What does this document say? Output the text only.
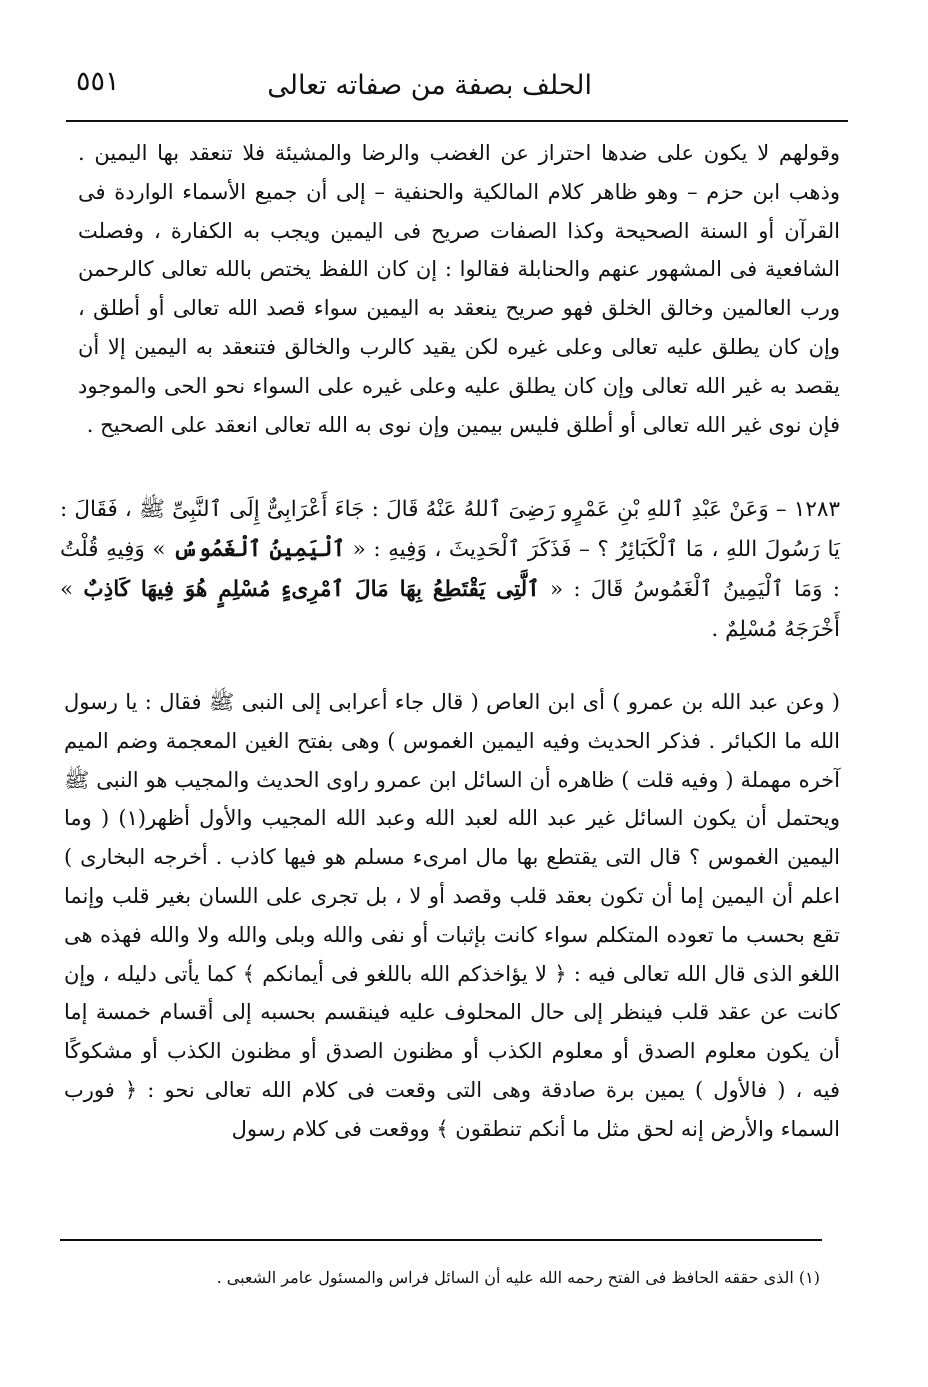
الحلف بصفة من صفاته تعالى
٥٥١
وقولهم لا يكون على ضدها احتراز عن الغضب والرضا والمشيئة فلا تنعقد بها اليمين . وذهب ابن حزم – وهو ظاهر كلام المالكية والحنفية – إلى أن جميع الأسماء الواردة فى القرآن أو السنة الصحيحة وكذا الصفات صريح فى اليمين ويجب به الكفارة ، وفصلت الشافعية فى المشهور عنهم والحنابلة فقالوا : إن كان اللفظ يختص بالله تعالى كالرحمن ورب العالمين وخالق الخلق فهو صريح ينعقد به اليمين سواء قصد الله تعالى أو أطلق ، وإن كان يطلق عليه تعالى وعلى غيره لكن يقيد كالرب والخالق فتنعقد به اليمين إلا أن يقصد به غير الله تعالى وإن كان يطلق عليه وعلى غيره على السواء نحو الحى والموجود فإن نوى غير الله تعالى أو أطلق فليس بيمين وإن نوى به الله تعالى انعقد على الصحيح .
١٢٨٣ – وَعَنْ عَبْدِ ٱللهِ بْنِ عَمْرٍو رَضِىَ ٱللهُ عَنْهُ قَالَ : جَاءَ أَعْرَابِىٌّ إِلَى ٱلنَّبِىِّ ﷺ ، فَقَالَ : يَا رَسُولَ اللهِ ، مَا ٱلْكَبَائِرُ ؟ – فَذَكَرَ ٱلْحَدِيثَ ، وَفِيهِ : « ٱلْيَمِينُ ٱلْغَمُوسُ » وَفِيهِ قُلْتُ : وَمَا ٱلْيَمِينُ ٱلْغَمُوسُ قَالَ : « ٱلَّتِى يَقْتَطِعُ بِهَا مَالَ ٱمْرِىءٍ مُسْلِمٍ هُوَ فِيهَا كَاذِبٌ » أَخْرَجَهُ مُسْلِمٌ .
( وعن عبد الله بن عمرو ) أى ابن العاص ( قال جاء أعرابى إلى النبى ﷺ فقال : يا رسول الله ما الكبائر . فذكر الحديث وفيه اليمين الغموس ) وهى بفتح الغين المعجمة وضم الميم آخره مهملة ( وفيه قلت ) ظاهره أن السائل ابن عمرو راوى الحديث والمجيب هو النبى ﷺ ويحتمل أن يكون السائل غير عبد الله لعبد الله وعبد الله المجيب والأول أظهر(١) ( وما اليمين الغموس ؟ قال التى يقتطع بها مال امرىء مسلم هو فيها كاذب . أخرجه البخارى ) اعلم أن اليمين إما أن تكون بعقد قلب وقصد أو لا ، بل تجرى على اللسان بغير قلب وإنما تقع بحسب ما تعوده المتكلم سواء كانت بإثبات أو نفى والله وبلى والله ولا والله فهذه هى اللغو الذى قال الله تعالى فيه : ﴿ لا يؤاخذكم الله باللغو فى أيمانكم ﴾ كما يأتى دليله ، وإن كانت عن عقد قلب فينظر إلى حال المحلوف عليه فينقسم بحسبه إلى أقسام خمسة إما أن يكون معلوم الصدق أو معلوم الكذب أو مظنون الصدق أو مظنون الكذب أو مشكوكًا فيه ، ( فالأول ) يمين برة صادقة وهى التى وقعت فى كلام الله تعالى نحو : ﴿ فورب السماء والأرض إنه لحق مثل ما أنكم تنطقون ﴾ ووقعت فى كلام رسول
(١) الذى حققه الحافظ فى الفتح رحمه الله عليه أن السائل فراس والمسئول عامر الشعبى .
